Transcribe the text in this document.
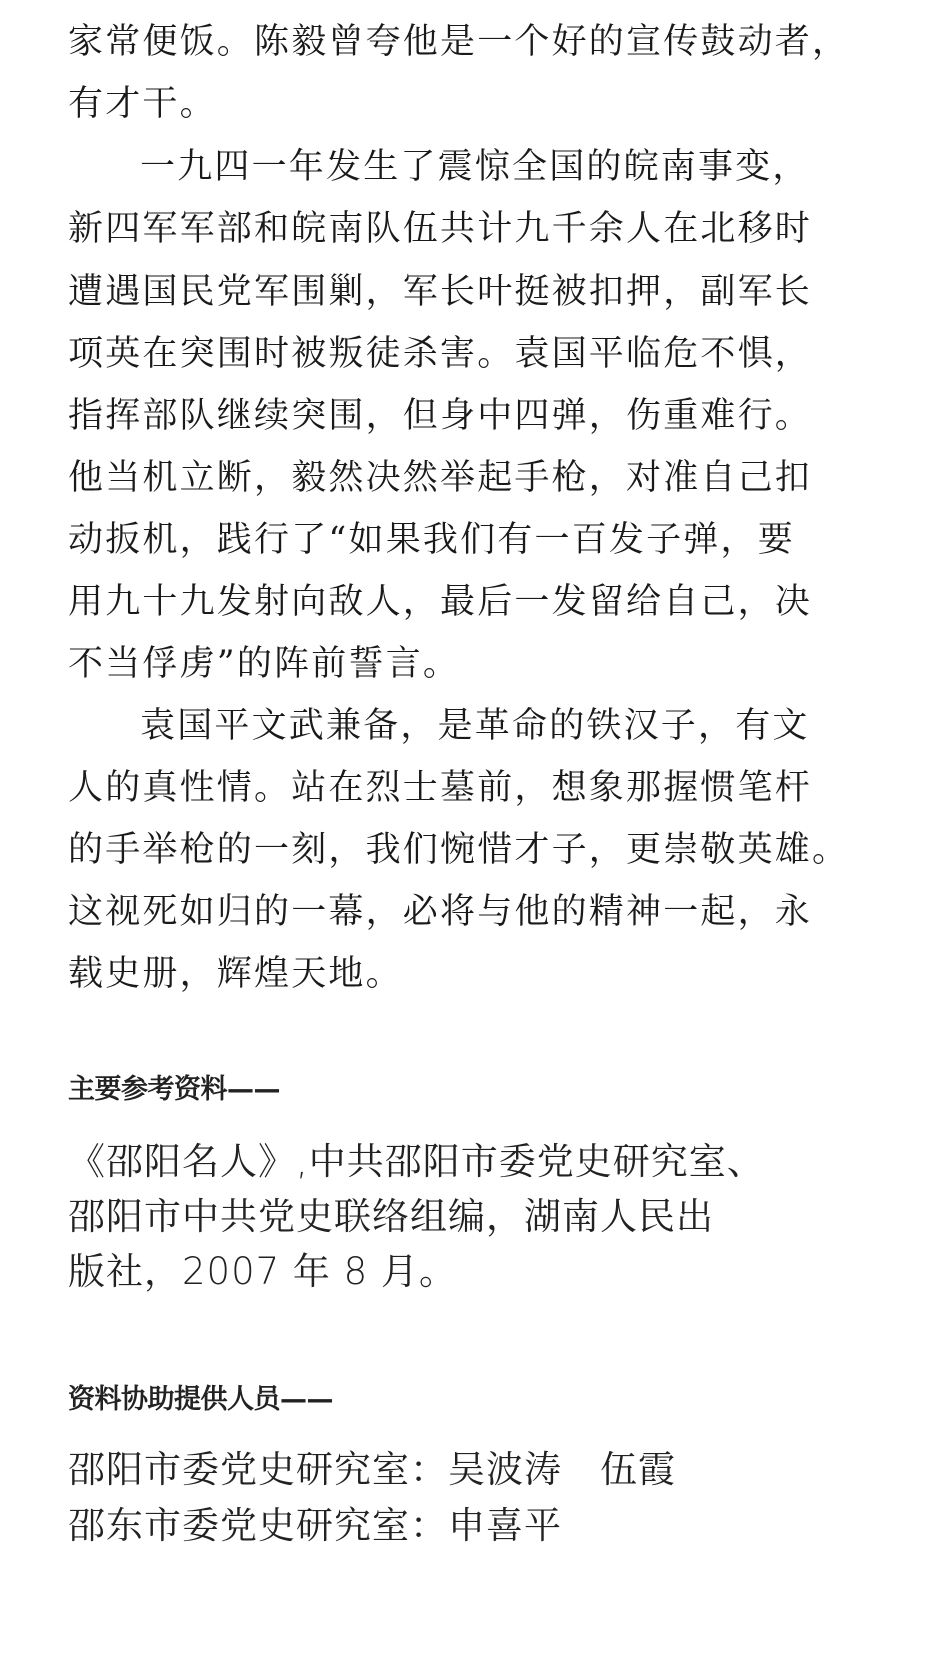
家常便饭。陈毅曾夸他是一个好的宣传鼓动者，
有才干。
一九四一年发生了震惊全国的皖南事变，
新四军军部和皖南队伍共计九千余人在北移时
遭遇国民党军围剿，军长叶挺被扣押，副军长
项英在突围时被叛徒杀害。袁国平临危不惧，
指挥部队继续突围，但身中四弹，伤重难行。
他当机立断，毅然决然举起手枪，对准自己扣
动扳机，践行了“如果我们有一百发子弹，要
用九十九发射向敌人，最后一发留给自己，决
不当俘虏”的阵前誓言。
袁国平文武兼备，是革命的铁汉子，有文
人的真性情。站在烈士墓前，想象那握惯笔杆
的手举枪的一刻，我们惋惜才子，更崇敬英雄。
这视死如归的一幕，必将与他的精神一起，永
载史册，辉煌天地。
主要参考资料——
《邵阳名人》,中共邵阳市委党史研究室、
邵阳市中共党史联络组编，湖南人民出
版社，2007 年 8 月。
资料协助提供人员——
邵阳市委党史研究室：吴波涛　伍霞
邵东市委党史研究室：申喜平
